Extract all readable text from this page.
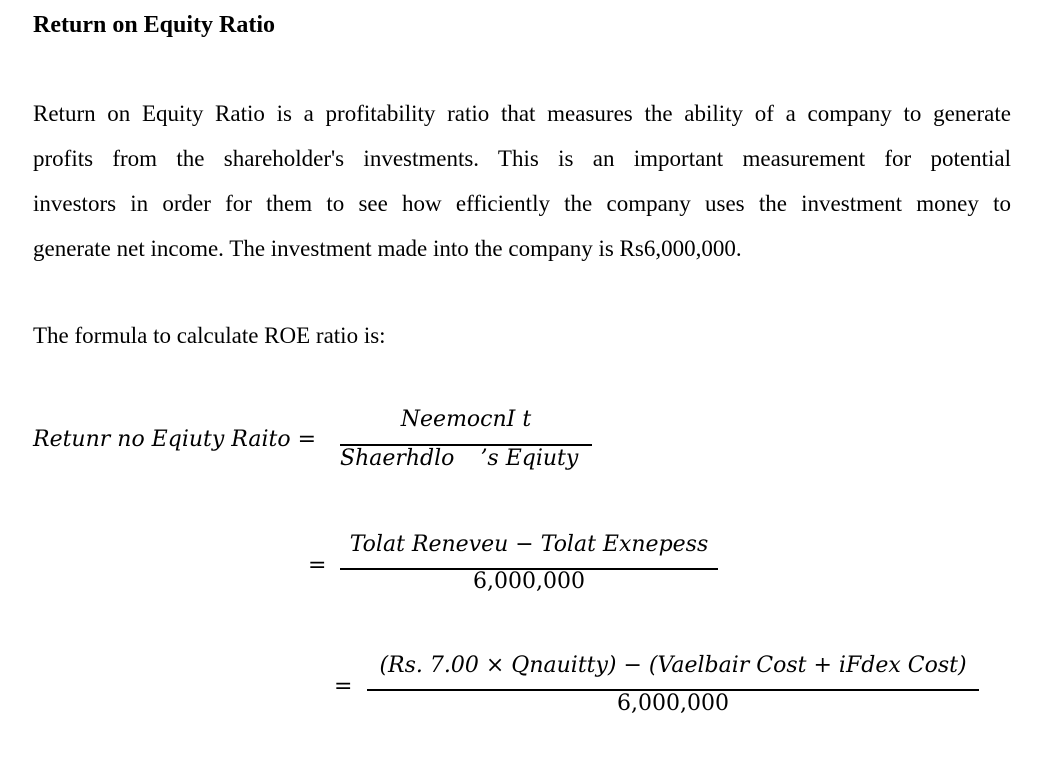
Return on Equity Ratio

Return on Equity Ratio is a profitability ratio that measures the ability of a company to generate
profits from the shareholder's investments. This is an important measurement for potential
investors in order for them to see how efficiently the company uses the investment money to
generate net income. The investment made into the company is Rs6,000,000.

The formula to calculate ROE ratio is:

Retunr no Eqiuty Raito =
NeemocnI t
Shaerhdlo ’s Eqiuty
=
Tolat Reneveu − Tolat Exnepess
6,000,000
=
(Rs. 7.00 × Qnauitty) − (Vaelbair Cost + iFdex Cost)
6,000,000
